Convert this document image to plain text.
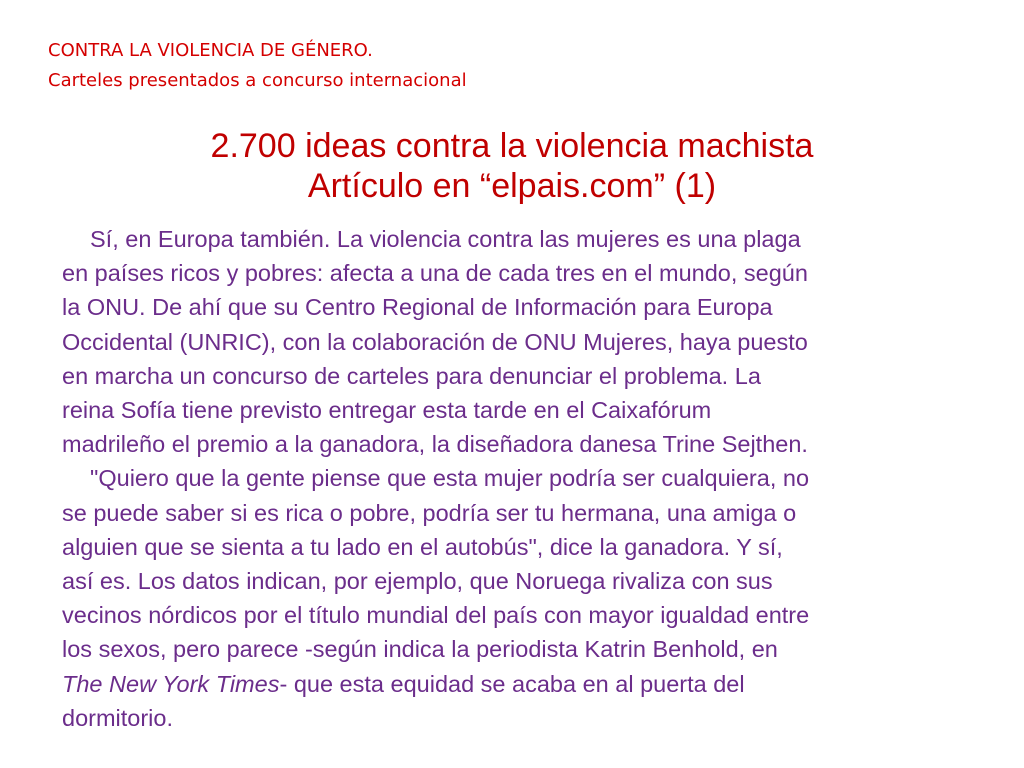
CONTRA LA VIOLENCIA DE GÉNERO.
Carteles presentados a concurso internacional
2.700 ideas contra la violencia machista
Artículo en “elpais.com” (1)
Sí, en Europa también. La violencia contra las mujeres es una plaga
en países ricos y pobres: afecta a una de cada tres en el mundo, según
la ONU. De ahí que su Centro Regional de Información para Europa
Occidental (UNRIC), con la colaboración de ONU Mujeres, haya puesto
en marcha un concurso de carteles para denunciar el problema. La
reina Sofía tiene previsto entregar esta tarde en el Caixafórum
madrileño el premio a la ganadora, la diseñadora danesa Trine Sejthen.
"Quiero que la gente piense que esta mujer podría ser cualquiera, no
se puede saber si es rica o pobre, podría ser tu hermana, una amiga o
alguien que se sienta a tu lado en el autobús", dice la ganadora. Y sí,
así es. Los datos indican, por ejemplo, que Noruega rivaliza con sus
vecinos nórdicos por el título mundial del país con mayor igualdad entre
los sexos, pero parece -según indica la periodista Katrin Benhold, en
The New York Times- que esta equidad se acaba en al puerta del
dormitorio.
